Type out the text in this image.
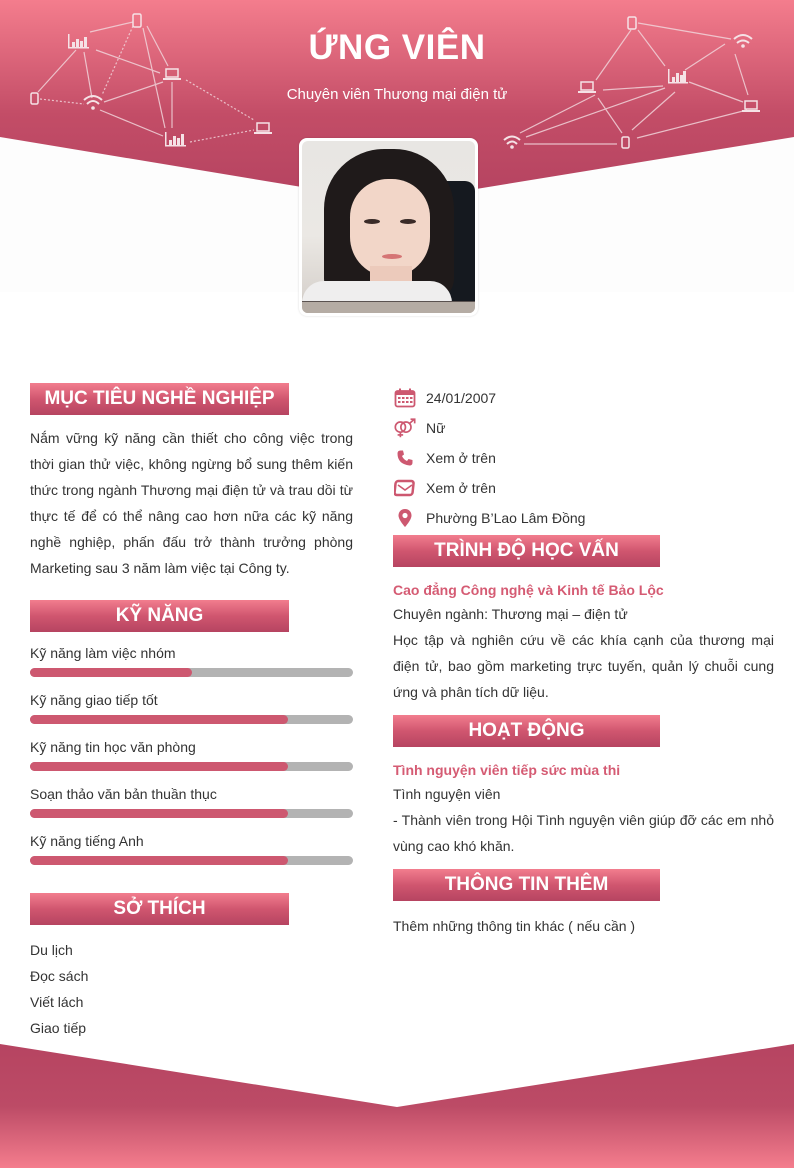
ỨNG VIÊN
Chuyên viên Thương mại điện tử
MỤC TIÊU NGHỀ NGHIỆP
Nắm vững kỹ năng cần thiết cho công việc trong thời gian thử việc, không ngừng bổ sung thêm kiến thức trong ngành Thương mại điện tử và trau dồi từ thực tế để có thể nâng cao hơn nữa các kỹ năng nghề nghiệp, phấn đấu trở thành trưởng phòng Marketing sau 3 năm làm việc tại Công ty.
KỸ NĂNG
Kỹ năng làm việc nhóm
Kỹ năng giao tiếp tốt
Kỹ năng tin học văn phòng
Soạn thảo văn bản thuần thục
Kỹ năng tiếng Anh
SỞ THÍCH
Du lịch
Đọc sách
Viết lách
Giao tiếp
24/01/2007
Nữ
Xem ở trên
Xem ở trên
Phường B’Lao Lâm Đồng
TRÌNH ĐỘ HỌC VẤN
Cao đẳng Công nghệ và Kinh tế Bảo Lộc
Chuyên ngành: Thương mại – điện tử
Học tập và nghiên cứu về các khía cạnh của thương mại điện tử, bao gồm marketing trực tuyến, quản lý chuỗi cung ứng và phân tích dữ liệu.
HOẠT ĐỘNG
Tình nguyện viên tiếp sức mùa thi
Tình nguyện viên
- Thành viên trong Hội Tình nguyện viên giúp đỡ các em nhỏ vùng cao khó khăn.
THÔNG TIN THÊM
Thêm những thông tin khác ( nếu cần )
